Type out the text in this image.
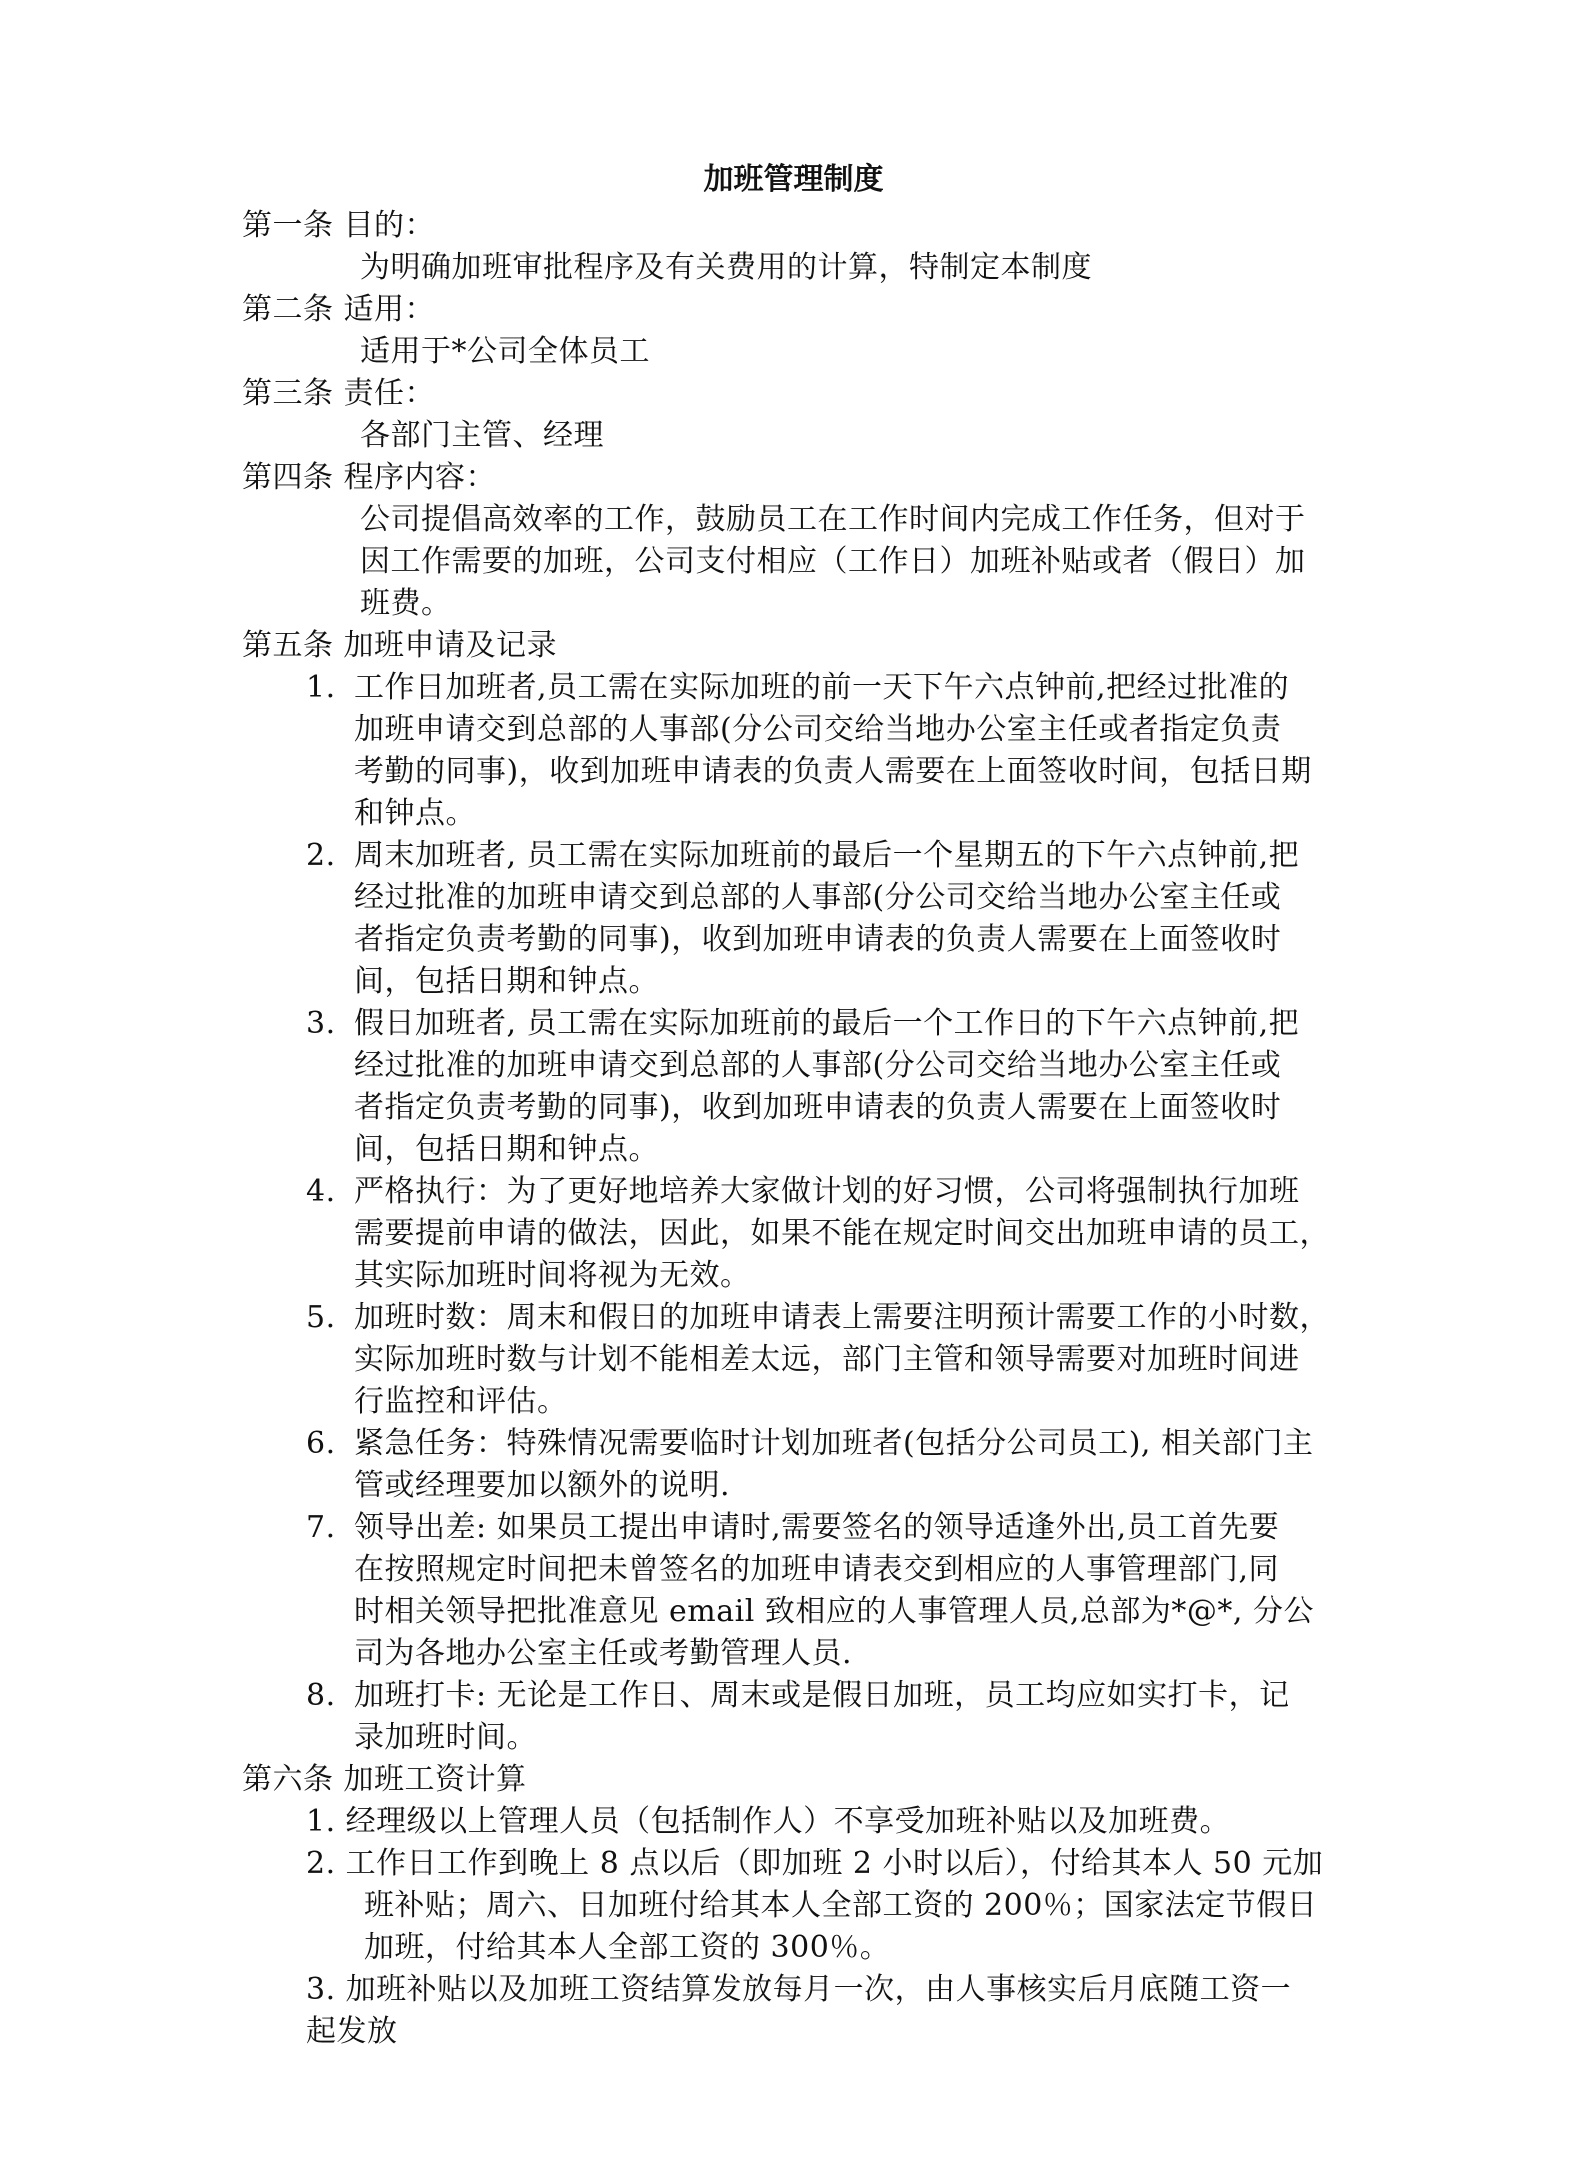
加班管理制度
第一条 目的：
为明确加班审批程序及有关费用的计算，特制定本制度
第二条 适用：
适用于*公司全体员工
第三条 责任：
各部门主管、经理
第四条 程序内容：
公司提倡高效率的工作，鼓励员工在工作时间内完成工作任务，但对于
因工作需要的加班，公司支付相应（工作日）加班补贴或者（假日）加
班费。
第五条 加班申请及记录
1. 工作日加班者,员工需在实际加班的前一天下午六点钟前,把经过批准的
加班申请交到总部的人事部(分公司交给当地办公室主任或者指定负责
考勤的同事)，收到加班申请表的负责人需要在上面签收时间，包括日期
和钟点。
2. 周末加班者, 员工需在实际加班前的最后一个星期五的下午六点钟前,把
经过批准的加班申请交到总部的人事部(分公司交给当地办公室主任或
者指定负责考勤的同事)，收到加班申请表的负责人需要在上面签收时
间，包括日期和钟点。
3. 假日加班者, 员工需在实际加班前的最后一个工作日的下午六点钟前,把
经过批准的加班申请交到总部的人事部(分公司交给当地办公室主任或
者指定负责考勤的同事)，收到加班申请表的负责人需要在上面签收时
间，包括日期和钟点。
4. 严格执行：为了更好地培养大家做计划的好习惯，公司将强制执行加班
需要提前申请的做法，因此，如果不能在规定时间交出加班申请的员工，
其实际加班时间将视为无效。
5. 加班时数：周末和假日的加班申请表上需要注明预计需要工作的小时数，
实际加班时数与计划不能相差太远，部门主管和领导需要对加班时间进
行监控和评估。
6. 紧急任务：特殊情况需要临时计划加班者(包括分公司员工), 相关部门主
管或经理要加以额外的说明.
7. 领导出差: 如果员工提出申请时,需要签名的领导适逢外出,员工首先要
在按照规定时间把未曾签名的加班申请表交到相应的人事管理部门,同
时相关领导把批准意见 email 致相应的人事管理人员,总部为*@*, 分公
司为各地办公室主任或考勤管理人员.
8. 加班打卡: 无论是工作日、周末或是假日加班，员工均应如实打卡，记
录加班时间。
第六条 加班工资计算
1. 经理级以上管理人员（包括制作人）不享受加班补贴以及加班费。
2. 工作日工作到晚上 8 点以后（即加班 2 小时以后），付给其本人 50 元加
班补贴；周六、日加班付给其本人全部工资的 200％；国家法定节假日
加班，付给其本人全部工资的 300％。
3. 加班补贴以及加班工资结算发放每月一次，由人事核实后月底随工资一
起发放
